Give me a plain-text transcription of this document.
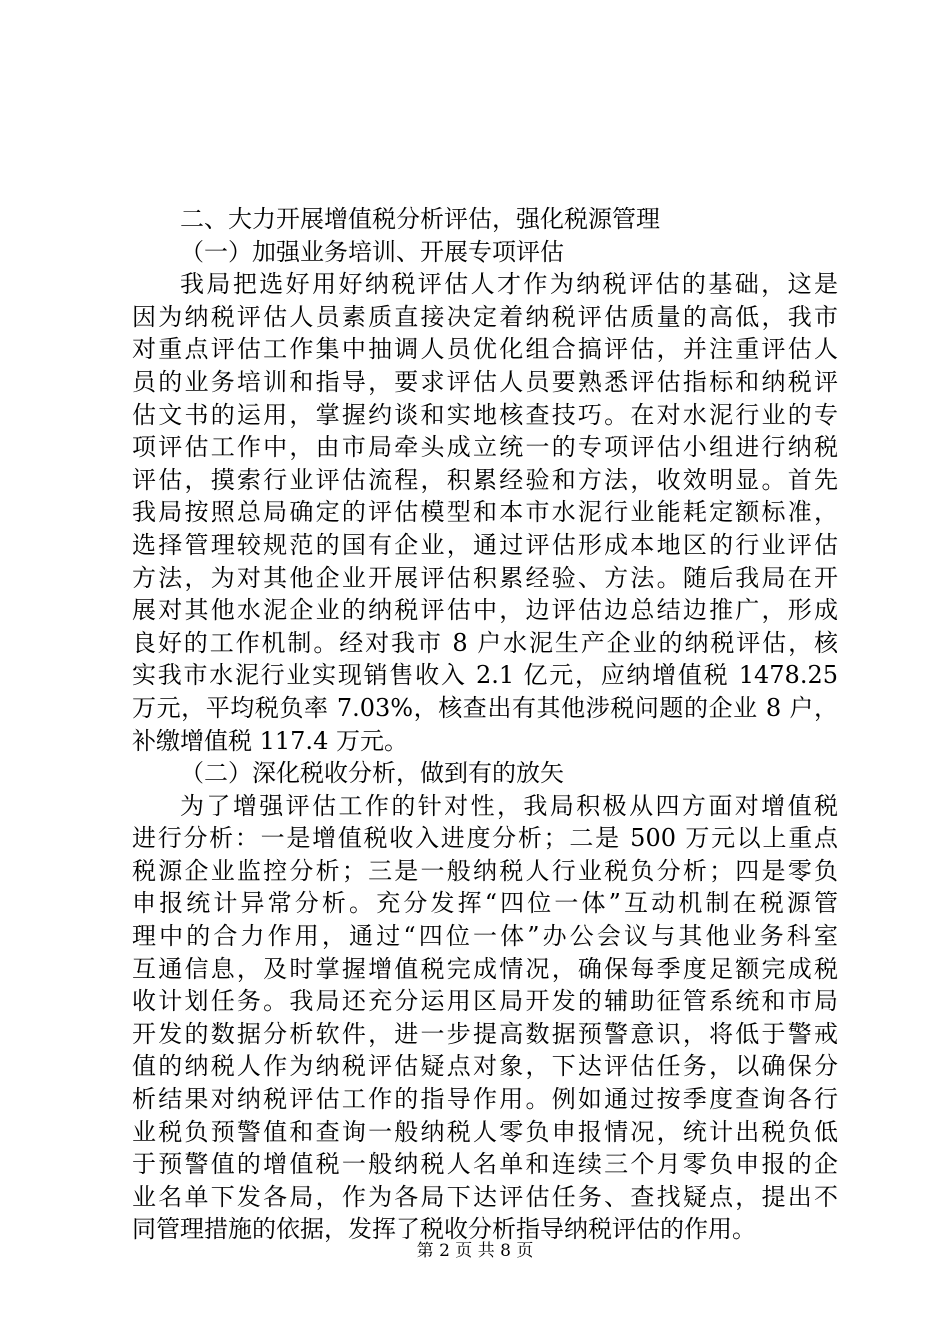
二、大力开展增值税分析评估，强化税源管理
（一）加强业务培训、开展专项评估
我局把选好用好纳税评估人才作为纳税评估的基础，这是
因为纳税评估人员素质直接决定着纳税评估质量的高低，我市
对重点评估工作集中抽调人员优化组合搞评估，并注重评估人
员的业务培训和指导，要求评估人员要熟悉评估指标和纳税评
估文书的运用，掌握约谈和实地核查技巧。在对水泥行业的专
项评估工作中，由市局牵头成立统一的专项评估小组进行纳税
评估，摸索行业评估流程，积累经验和方法，收效明显。首先
我局按照总局确定的评估模型和本市水泥行业能耗定额标准，
选择管理较规范的国有企业，通过评估形成本地区的行业评估
方法，为对其他企业开展评估积累经验、方法。随后我局在开
展对其他水泥企业的纳税评估中，边评估边总结边推广，形成
良好的工作机制。经对我市 8 户水泥生产企业的纳税评估，核
实我市水泥行业实现销售收入 2.1 亿元，应纳增值税 1478.25
万元，平均税负率 7.03%，核查出有其他涉税问题的企业 8 户，
补缴增值税 117.4 万元。
（二）深化税收分析，做到有的放矢
为了增强评估工作的针对性，我局积极从四方面对增值税
进行分析：一是增值税收入进度分析；二是 500 万元以上重点
税源企业监控分析；三是一般纳税人行业税负分析；四是零负
申报统计异常分析。充分发挥“四位一体”互动机制在税源管
理中的合力作用，通过“四位一体”办公会议与其他业务科室
互通信息，及时掌握增值税完成情况，确保每季度足额完成税
收计划任务。我局还充分运用区局开发的辅助征管系统和市局
开发的数据分析软件，进一步提高数据预警意识，将低于警戒
值的纳税人作为纳税评估疑点对象，下达评估任务，以确保分
析结果对纳税评估工作的指导作用。例如通过按季度查询各行
业税负预警值和查询一般纳税人零负申报情况，统计出税负低
于预警值的增值税一般纳税人名单和连续三个月零负申报的企
业名单下发各局，作为各局下达评估任务、查找疑点，提出不
同管理措施的依据，发挥了税收分析指导纳税评估的作用。
第 2 页 共 8 页
